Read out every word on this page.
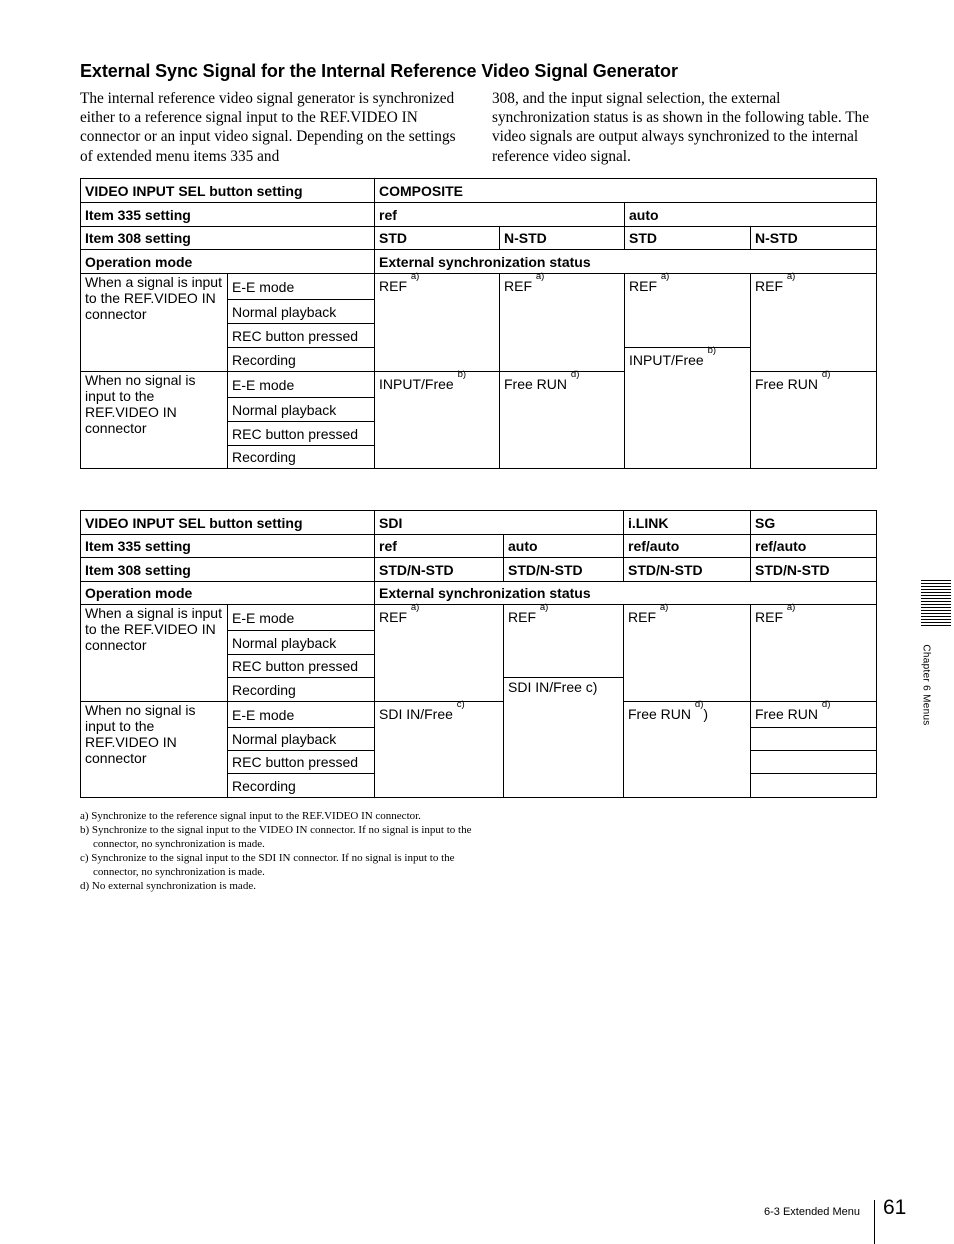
External Sync Signal for the Internal Reference Video Signal Generator

The internal reference video signal generator is synchronized either to a reference signal input to the REF.VIDEO IN connector or an input video signal. Depending on the settings of extended menu items 335 and

308, and the input signal selection, the external synchronization status is as shown in the following table. The video signals are output always synchronized to the internal reference video signal.

VIDEO INPUT SEL button setting		COMPOSITE			
Item 335 setting		ref		auto	
Item 308 setting		STD	N-STD	STD	N-STD
Operation mode		External synchronization status			
When a signal is input to the REF.VIDEO IN connector	E-E mode	REF $^{a)}$	REF $^{a)}$	REF $^{a)}$	REF $^{a)}$
	Normal playback				
	REC button pressed				
	Recording			INPUT/Free $^{b)}$
When no signal is input to the REF.VIDEO IN connector	E-E mode	INPUT/Free $^{b)}$	Free RUN $^{d)}$		Free RUN $^{d)}$
	Normal playback				
	REC button pressed				
	Recording				
VIDEO INPUT SEL button setting		SDI		i.LINK	SG
Item 335 setting		ref	auto	ref/auto	ref/auto
Item 308 setting		STD/N-STD	STD/N-STD	STD/N-STD	STD/N-STD
Operation mode		External synchronization status			
When a signal is input to the REF.VIDEO IN connector	E-E mode	REF $^{a)}$	REF $^{a)}$	REF $^{a)}$	REF $^{a)}$
	Normal playback				
	REC button pressed				
	Recording		SDI IN/Free c)		
When no signal is input to the REF.VIDEO IN connector	E-E mode	SDI IN/Free $^{c)}$		Free RUN $^{d)}$)	Free RUN $^{d)}$
	Normal playback				
	REC button pressed				
	Recording				
a) Synchronize to the reference signal input to the REF.VIDEO IN connector.
b) Synchronize to the signal input to the VIDEO IN connector. If no signal is input to the connector, no synchronization is made.
c) Synchronize to the signal input to the SDI IN connector. If no signal is input to the connector, no synchronization is made.
d) No external synchronization is made.
Chapter 6 Menus
6-3 Extended Menu 61
